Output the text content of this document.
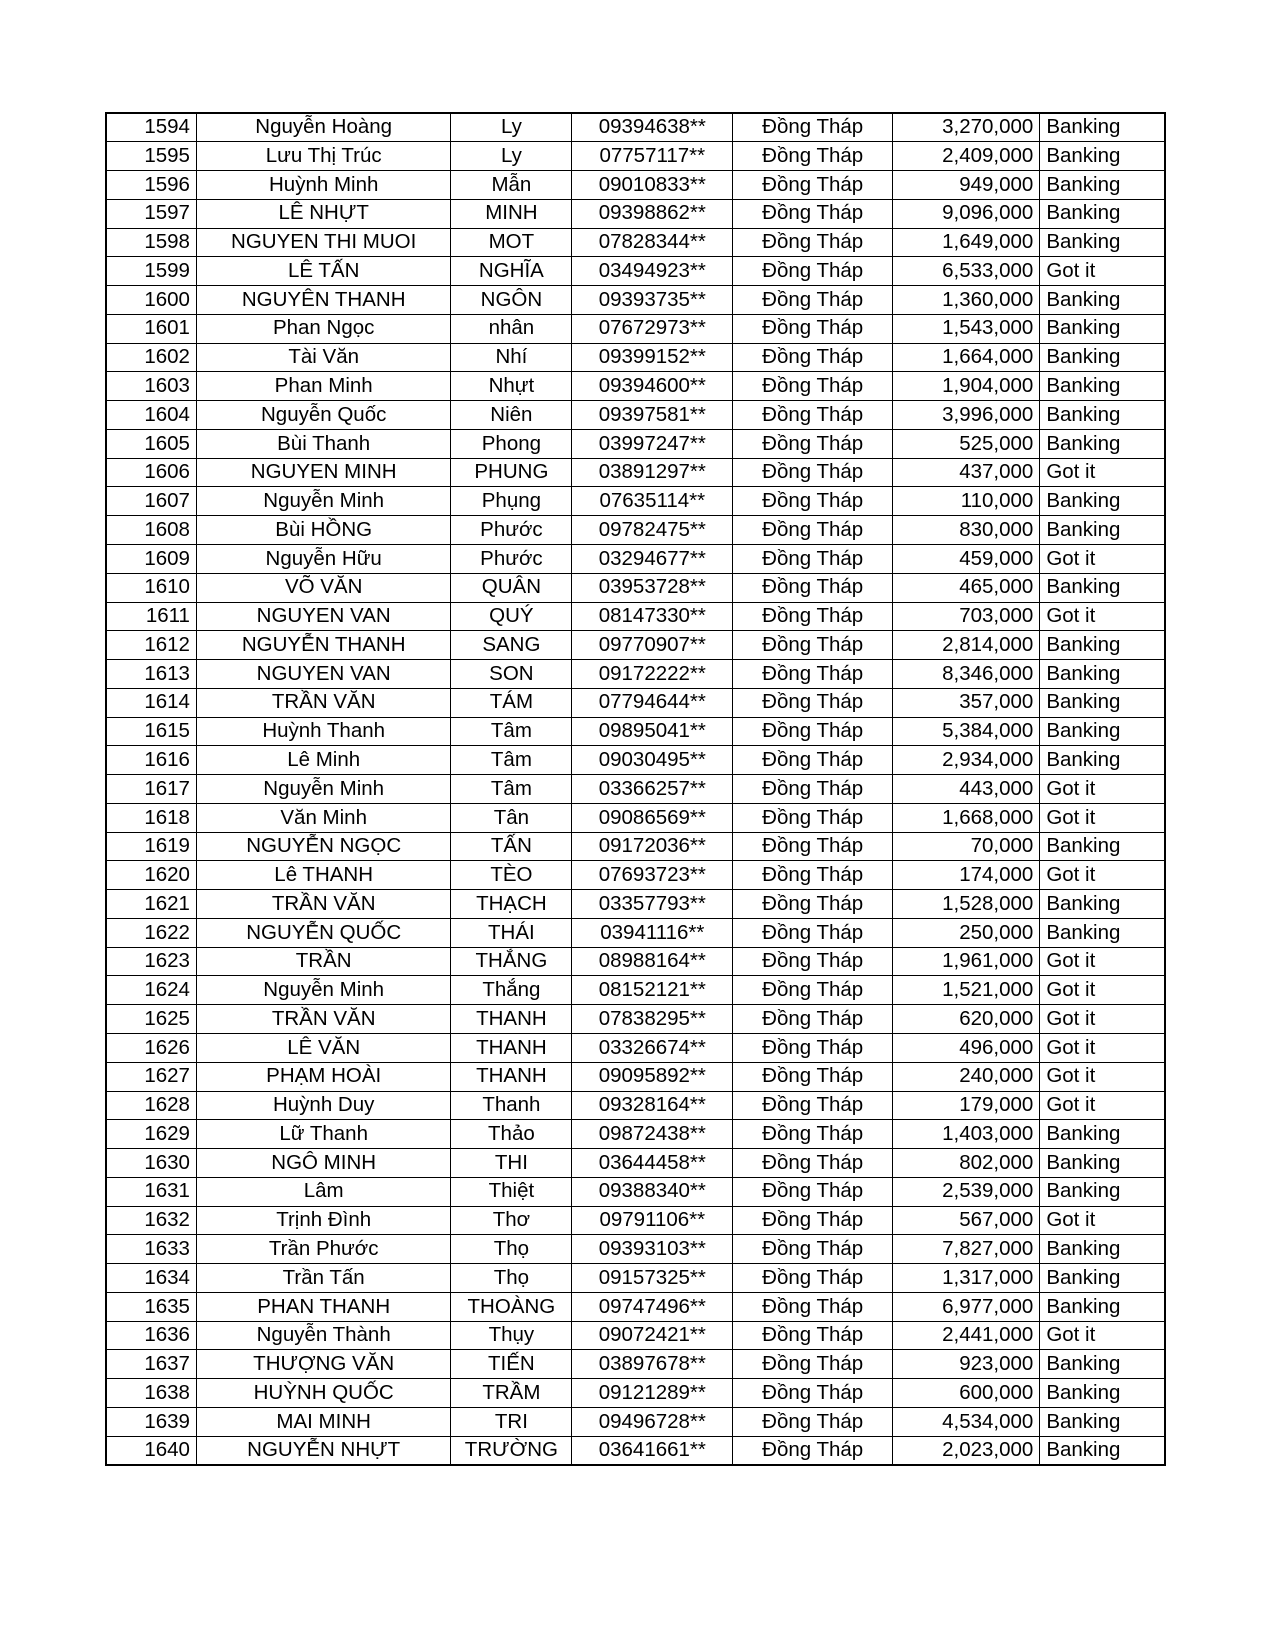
1594	Nguyễn Hoàng	Ly	09394638**	Đồng Tháp	3,270,000	Banking
1595	Lưu Thị Trúc	Ly	07757117**	Đồng Tháp	2,409,000	Banking
1596	Huỳnh Minh	Mẫn	09010833**	Đồng Tháp	949,000	Banking
1597	LÊ NHỰT	MINH	09398862**	Đồng Tháp	9,096,000	Banking
1598	NGUYEN THI MUOI	MOT	07828344**	Đồng Tháp	1,649,000	Banking
1599	LÊ TẤN	NGHĨA	03494923**	Đồng Tháp	6,533,000	Got it
1600	NGUYÊN THANH	NGÔN	09393735**	Đồng Tháp	1,360,000	Banking
1601	Phan Ngọc	nhân	07672973**	Đồng Tháp	1,543,000	Banking
1602	Tài Văn	Nhí	09399152**	Đồng Tháp	1,664,000	Banking
1603	Phan Minh	Nhựt	09394600**	Đồng Tháp	1,904,000	Banking
1604	Nguyễn Quốc	Niên	09397581**	Đồng Tháp	3,996,000	Banking
1605	Bùi Thanh	Phong	03997247**	Đồng Tháp	525,000	Banking
1606	NGUYEN MINH	PHUNG	03891297**	Đồng Tháp	437,000	Got it
1607	Nguyễn Minh	Phụng	07635114**	Đồng Tháp	110,000	Banking
1608	Bùi HỒNG	Phước	09782475**	Đồng Tháp	830,000	Banking
1609	Nguyễn Hữu	Phước	03294677**	Đồng Tháp	459,000	Got it
1610	VÕ VĂN	QUÂN	03953728**	Đồng Tháp	465,000	Banking
1611	NGUYEN VAN	QUÝ	08147330**	Đồng Tháp	703,000	Got it
1612	NGUYỄN THANH	SANG	09770907**	Đồng Tháp	2,814,000	Banking
1613	NGUYEN VAN	SON	09172222**	Đồng Tháp	8,346,000	Banking
1614	TRẦN VĂN	TÁM	07794644**	Đồng Tháp	357,000	Banking
1615	Huỳnh Thanh	Tâm	09895041**	Đồng Tháp	5,384,000	Banking
1616	Lê Minh	Tâm	09030495**	Đồng Tháp	2,934,000	Banking
1617	Nguyễn Minh	Tâm	03366257**	Đồng Tháp	443,000	Got it
1618	Văn Minh	Tân	09086569**	Đồng Tháp	1,668,000	Got it
1619	NGUYỄN NGỌC	TẤN	09172036**	Đồng Tháp	70,000	Banking
1620	Lê THANH	TÈO	07693723**	Đồng Tháp	174,000	Got it
1621	TRẦN VĂN	THẠCH	03357793**	Đồng Tháp	1,528,000	Banking
1622	NGUYỄN QUỐC	THÁI	03941116**	Đồng Tháp	250,000	Banking
1623	TRẦN	THẮNG	08988164**	Đồng Tháp	1,961,000	Got it
1624	Nguyễn Minh	Thắng	08152121**	Đồng Tháp	1,521,000	Got it
1625	TRẦN VĂN	THANH	07838295**	Đồng Tháp	620,000	Got it
1626	LÊ VĂN	THANH	03326674**	Đồng Tháp	496,000	Got it
1627	PHẠM HOÀI	THANH	09095892**	Đồng Tháp	240,000	Got it
1628	Huỳnh Duy	Thanh	09328164**	Đồng Tháp	179,000	Got it
1629	Lữ Thanh	Thảo	09872438**	Đồng Tháp	1,403,000	Banking
1630	NGÔ MINH	THI	03644458**	Đồng Tháp	802,000	Banking
1631	Lâm	Thiệt	09388340**	Đồng Tháp	2,539,000	Banking
1632	Trịnh Đình	Thơ	09791106**	Đồng Tháp	567,000	Got it
1633	Trần Phước	Thọ	09393103**	Đồng Tháp	7,827,000	Banking
1634	Trần Tấn	Thọ	09157325**	Đồng Tháp	1,317,000	Banking
1635	PHAN THANH	THOÀNG	09747496**	Đồng Tháp	6,977,000	Banking
1636	Nguyễn Thành	Thụy	09072421**	Đồng Tháp	2,441,000	Got it
1637	THƯỢNG VĂN	TIẾN	03897678**	Đồng Tháp	923,000	Banking
1638	HUỲNH QUỐC	TRẦM	09121289**	Đồng Tháp	600,000	Banking
1639	MAI MINH	TRI	09496728**	Đồng Tháp	4,534,000	Banking
1640	NGUYỄN NHỰT	TRƯỜNG	03641661**	Đồng Tháp	2,023,000	Banking
